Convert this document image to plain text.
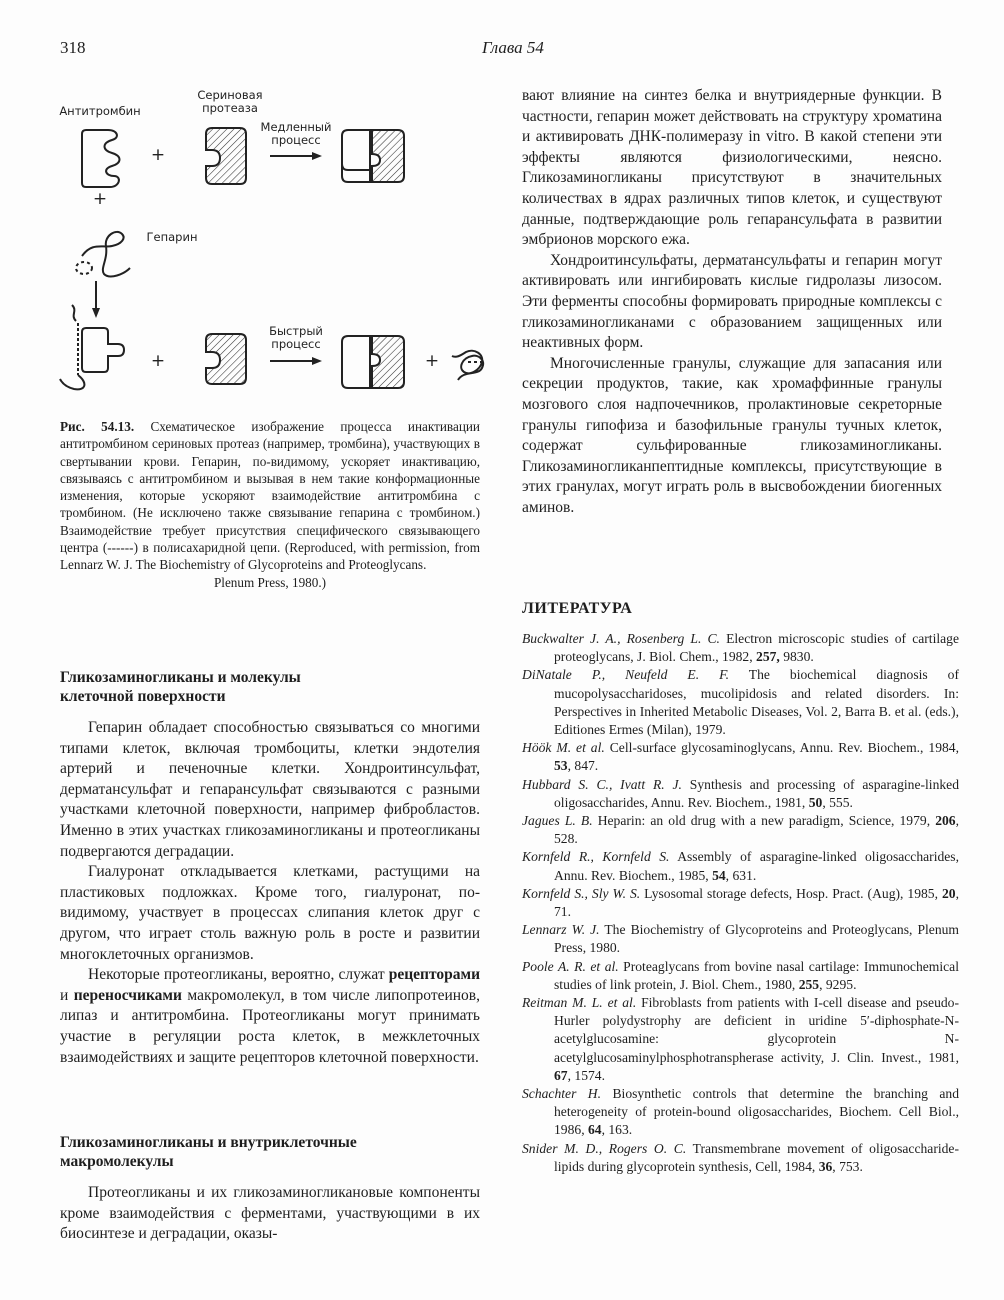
318	Глава 54
Антитромбин
Сериновая
протеаза
Медленный
процесс
+
+
Гепарин
Быстрый
процесс
+	+
Рис. 54.13. Схематическое изображение процесса инактивации антитромбином сериновых протеаз (например, тромбина), участвующих в свертывании крови. Гепарин, по-видимому, ускоряет инактивацию, связываясь с антитромбином и вызывая в нем такие конформационные изменения, которые ускоряют взаимодействие антитромбина с тромбином. (Не исключено также связывание гепарина с тромбином.) Взаимодействие требует присутствия специфического связывающего центра (------) в полисахаридной цепи. (Reproduced, with permission, from Lennarz W. J. The Biochemistry of Glycoproteins and Proteoglycans.
Plenum Press, 1980.)
Гликозаминогликаны и молекулы
клеточной поверхности

Гепарин обладает способностью связываться со многими типами клеток, включая тромбоциты, клетки эндотелия артерий и печеночные клетки. Хондроитинсульфат, дерматансульфат и гепарансульфат связываются с разными участками клеточной поверхности, например фибробластов. Именно в этих участках гликозаминогликаны и протеогликаны подвергаются деградации.

Гиалуронат откладывается клетками, растущими на пластиковых подложках. Кроме того, гиалуронат, по-видимому, участвует в процессах слипания клеток друг с другом, что играет столь важную роль в росте и развитии многоклеточных организмов.

Некоторые протеогликаны, вероятно, служат рецепторами и переносчиками макромолекул, в том числе липопротеинов, липаз и антитромбина. Протеогликаны могут принимать участие в регуляции роста клеток, в межклеточных взаимодействиях и защите рецепторов клеточной поверхности.

Гликозаминогликаны и внутриклеточные
макромолекулы

Протеогликаны и их гликозаминогликановые компоненты кроме взаимодействия с ферментами, участвующими в их биосинтезе и деградации, оказы-

вают влияние на синтез белка и внутриядерные функции. В частности, гепарин может действовать на структуру хроматина и активировать ДНК-полимеразу in vitro. В какой степени эти эффекты являются физиологическими, неясно. Гликозаминогликаны присутствуют в значительных количествах в ядрах различных типов клеток, и существуют данные, подтверждающие роль гепарансульфата в развитии эмбрионов морского ежа.

Хондроитинсульфаты, дерматансульфаты и гепарин могут активировать или ингибировать кислые гидролазы лизосом. Эти ферменты способны формировать природные комплексы с гликозаминогликанами с образованием защищенных или неактивных форм.

Многочисленные гранулы, служащие для запасания или секреции продуктов, такие, как хромаффинные гранулы мозгового слоя надпочечников, пролактиновые секреторные гранулы гипофиза и базофильные гранулы тучных клеток, содержат сульфированные гликозаминогликаны. Гликозаминогликанпептидные комплексы, присутствующие в этих гранулах, могут играть роль в высвобождении биогенных аминов.

ЛИТЕРАТУРА

Buckwalter J. A., Rosenberg L. C. Electron microscopic studies of cartilage proteoglycans, J. Biol. Chem., 1982, 257, 9830.

DiNatale P., Neufeld E. F. The biochemical diagnosis of mucopolysaccharidoses, mucolipidosis and related disorders. In: Perspectives in Inherited Metabolic Diseases, Vol. 2, Barra B. et al. (eds.), Editiones Ermes (Milan), 1979.

Höök M. et al. Cell-surface glycosaminoglycans, Annu. Rev. Biochem., 1984, 53, 847.

Hubbard S. C., Ivatt R. J. Synthesis and processing of asparagine-linked oligosaccharides, Annu. Rev. Biochem., 1981, 50, 555.

Jagues L. B. Heparin: an old drug with a new paradigm, Science, 1979, 206, 528.

Kornfeld R., Kornfeld S. Assembly of asparagine-linked oligosaccharides, Annu. Rev. Biochem., 1985, 54, 631.

Kornfeld S., Sly W. S. Lysosomal storage defects, Hosp. Pract. (Aug), 1985, 20, 71.

Lennarz W. J. The Biochemistry of Glycoproteins and Proteoglycans, Plenum Press, 1980.

Poole A. R. et al. Proteaglycans from bovine nasal cartilage: Immunochemical studies of link protein, J. Biol. Chem., 1980, 255, 9295.

Reitman M. L. et al. Fibroblasts from patients with I-cell disease and pseudo-Hurler polydystrophy are deficient in uridine 5′-diphosphate-N-acetylglucosamine: glycoprotein N-acetylglucosaminylphosphotranspherase activity, J. Clin. Invest., 1981, 67, 1574.

Schachter H. Biosynthetic controls that determine the branching and heterogeneity of protein-bound oligosaccharides, Biochem. Cell Biol., 1986, 64, 163.

Snider M. D., Rogers O. C. Transmembrane movement of oligosaccharide-lipids during glycoprotein synthesis, Cell, 1984, 36, 753.
